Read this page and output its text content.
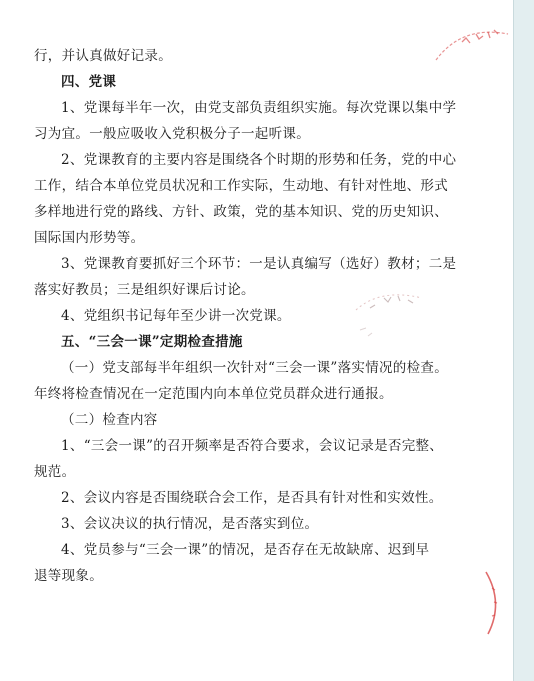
行，并认真做好记录。
四、党课
1、党课每半年一次，由党支部负责组织实施。每次党课以集中学
习为宜。一般应吸收入党积极分子一起听课。
2、党课教育的主要内容是围绕各个时期的形势和任务，党的中心
工作，结合本单位党员状况和工作实际，生动地、有针对性地、形式
多样地进行党的路线、方针、政策，党的基本知识、党的历史知识、
国际国内形势等。
3、党课教育要抓好三个环节：一是认真编写（选好）教材；二是
落实好教员；三是组织好课后讨论。
4、党组织书记每年至少讲一次党课。
五、“三会一课”定期检查措施
（一）党支部每半年组织一次针对“三会一课”落实情况的检查。
年终将检查情况在一定范围内向本单位党员群众进行通报。
（二）检查内容
1、“三会一课”的召开频率是否符合要求，会议记录是否完整、
规范。
2、会议内容是否围绕联合会工作，是否具有针对性和实效性。
3、会议决议的执行情况，是否落实到位。
4、党员参与“三会一课”的情况，是否存在无故缺席、迟到早
退等现象。
